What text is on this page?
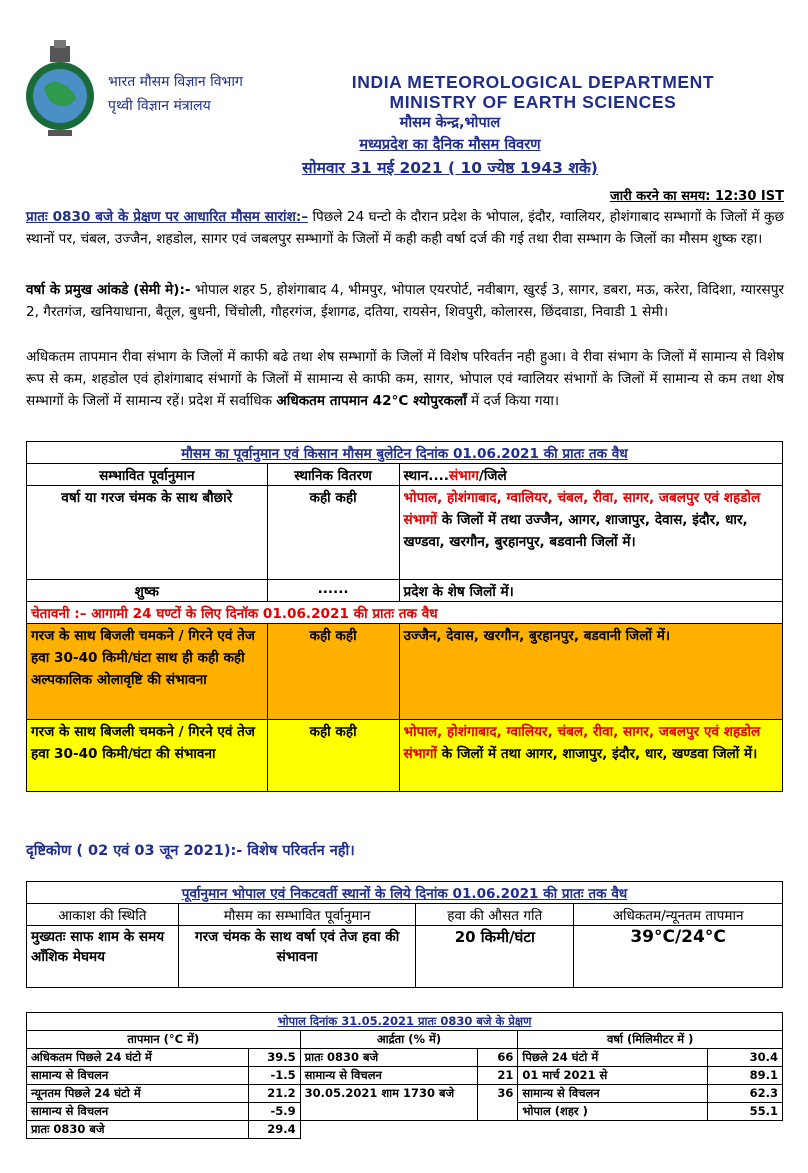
भारत मौसम विज्ञान विभाग
पृथ्वी विज्ञान मंत्रालय
INDIA METEOROLOGICAL DEPARTMENT
MINISTRY OF EARTH SCIENCES
मौसम केन्द्र,भोपाल
मध्यप्रदेश का दैनिक मौसम विवरण
सोमवार 31 मई 2021 ( 10 ज्येष्ठ 1943 शके)
जारी करने का समय: 12:30 IST
प्रातः 0830 बजे के प्रेक्षण पर आधारित मौसम सारांश:– पिछले 24 घन्टो के दौरान प्रदेश के भोपाल, इंदौर, ग्वालियर, होशंगाबाद सम्भागों के जिलों में कुछ स्थानों पर, चंबल, उज्जैन, शहडोल, सागर एवं जबलपुर सम्भागों के जिलों में कही कही वर्षा दर्ज की गई तथा रीवा सम्भाग के जिलों का मौसम शुष्क रहा।
वर्षा के प्रमुख आंकडे (सेमी मे):- भोपाल शहर 5, होशंगाबाद 4, भीमपुर, भोपाल एयरपोर्ट, नवीबाग, खुरई 3, सागर, डबरा, मऊ, करेरा, विदिशा, ग्यारसपुर 2, गैरतगंज, खनियाधाना, बैतूल, बुधनी, चिंचोली, गौहरगंज, ईशागढ, दतिया, रायसेन, शिवपुरी, कोलारस, छिंदवाडा, निवाडी 1 सेमी।
अधिकतम तापमान रीवा संभाग के जिलों में काफी बढे तथा शेष सम्भागों के जिलों में विशेष परिवर्तन नही हुआ। वे रीवा संभाग के जिलों में सामान्य से विशेष रूप से कम, शहडोल एवं होशंगाबाद संभागों के जिलों में सामान्य से काफी कम, सागर, भोपाल एवं ग्वालियर संभागों के जिलों में सामान्य से कम तथा शेष सम्भागों के जिलों में सामान्य रहें। प्रदेश में सर्वाधिक अधिकतम तापमान 42°C श्योपुरकलाँ में दर्ज किया गया।
मौसम का पूर्वानुमान एवं किसान मौसम बुलेटिन दिनांक 01.06.2021 की प्रातः तक वैध		
सम्भावित पूर्वानुमान	स्थानिक वितरण	स्थान....संभाग/जिले
वर्षा या गरज चंमक के साथ बौछारे	कही कही	भोपाल, होशंगाबाद, ग्वालियर, चंबल, रीवा, सागर, जबलपुर एवं शहडोल संभागों के जिलों में तथा उज्जैन, आगर, शाजापुर, देवास, इंदौर, धार, खण्डवा, खरगौन, बुरहानपुर, बडवानी जिलों में।
शुष्क	......	प्रदेश के शेष जिलों में।
चेतावनी :– आगामी 24 घण्टों के लिए दिनॉक 01.06.2021 की प्रातः तक वैध		
गरज के साथ बिजली चमकने / गिरने एवं तेज हवा 30-40 किमी/घंटा साथ ही कही कही अल्पकालिक ओलावृष्टि की संभावना	कही कही	उज्जैन, देवास, खरगौन, बुरहानपुर, बडवानी जिलों में।
गरज के साथ बिजली चमकने / गिरने एवं तेज हवा 30-40 किमी/घंटा की संभावना	कही कही	भोपाल, होशंगाबाद, ग्वालियर, चंबल, रीवा, सागर, जबलपुर एवं शहडोल संभागों के जिलों में तथा आगर, शाजापुर, इंदौर, धार, खण्डवा जिलों में।
दृष्टिकोण ( 02 एवं 03 जून 2021):- विशेष परिवर्तन नही।
पूर्वानुमान भोपाल एवं निकटवर्ती स्थानों के लिये दिनांक 01.06.2021 की प्रातः तक वैध			
आकाश की स्थिति	मौसम का सम्भावित पूर्वानुमान	हवा की औसत गति	अधिकतम/न्यूनतम तापमान
मुख्यतः साफ शाम के समय आँशिक मेघमय	गरज चंमक के साथ वर्षा एवं तेज हवा की संभावना	20 किमी/घंटा	39°C/24°C
भोपाल दिनांक 31.05.2021 प्रातः 0830 बजे के प्रेक्षण					
तापमान (°C में)		आर्द्रता (% में)		वर्षा (मिलिमीटर में )	
अधिकतम पिछले 24 घंटो में	39.5	प्रातः 0830 बजे	66	पिछले 24 घंटो में	30.4
सामान्य से विचलन	-1.5	सामान्य से विचलन	21	01 मार्च 2021 से	89.1
न्यूनतम पिछले 24 घंटो में	21.2	30.05.2021 शाम 1730 बजे	36	सामान्य से विचलन	62.3
सामान्य से विचलन	-5.9			भोपाल (शहर )	55.1
प्रातः 0830 बजे	29.4				
